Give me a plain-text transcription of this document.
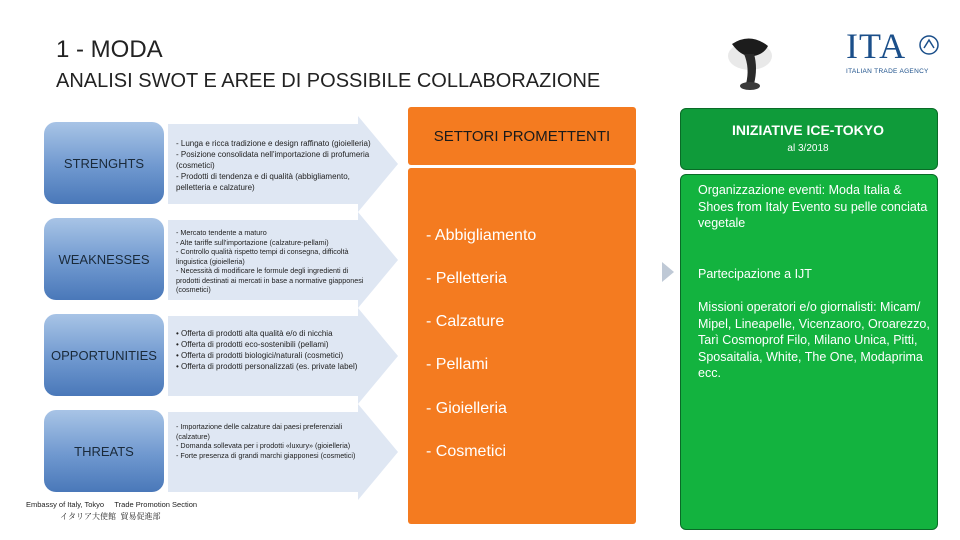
1 - MODA
ANALISI SWOT E AREE DI POSSIBILE COLLABORAZIONE
ITA
ITALIAN TRADE AGENCY
STRENGHTS
- Lunga e ricca tradizione e design raffinato (gioielleria)
- Posizione consolidata nell'importazione di profumeria (cosmetici)
- Prodotti di tendenza e di qualità (abbigliamento, pelletteria e calzature)
WEAKNESSES
- Mercato tendente a maturo
- Alte tariffe sull'importazione (calzature-pellami)
- Controllo qualità rispetto tempi di consegna, difficoltà linguistica (gioielleria)
- Necessità di modificare le formule degli ingredienti di prodotti destinati ai mercati in base a normative giapponesi (cosmetici)
OPPORTUNITIES
• Offerta di prodotti alta qualità e/o di nicchia
• Offerta di prodotti eco-sostenibili (pellami)
• Offerta di prodotti biologici/naturali (cosmetici)
• Offerta di prodotti personalizzati (es. private label)
THREATS
- Importazione delle calzature dai paesi preferenziali (calzature)
- Domanda sollevata per i prodotti «luxury» (gioielleria)
- Forte presenza di grandi marchi giapponesi (cosmetici)
SETTORI PROMETTENTI
- Abbigliamento
- Pelletteria
- Calzature
- Pellami
- Gioielleria
- Cosmetici
INIZIATIVE ICE-TOKYO
al 3/2018
Organizzazione eventi: Moda Italia & Shoes from Italy Evento su pelle conciata vegetale
Partecipazione a IJT
Missioni operatori e/o giornalisti: Micam/ Mipel, Lineapelle, Vicenzaoro, Oroarezzo, Tarì Cosmoprof Filo, Milano Unica, Pitti, Sposaitalia, White, The One, Modaprima ecc.
Embassy of Italy, Tokyo     Trade Promotion Section
イタリア大使館  貿易促進部
